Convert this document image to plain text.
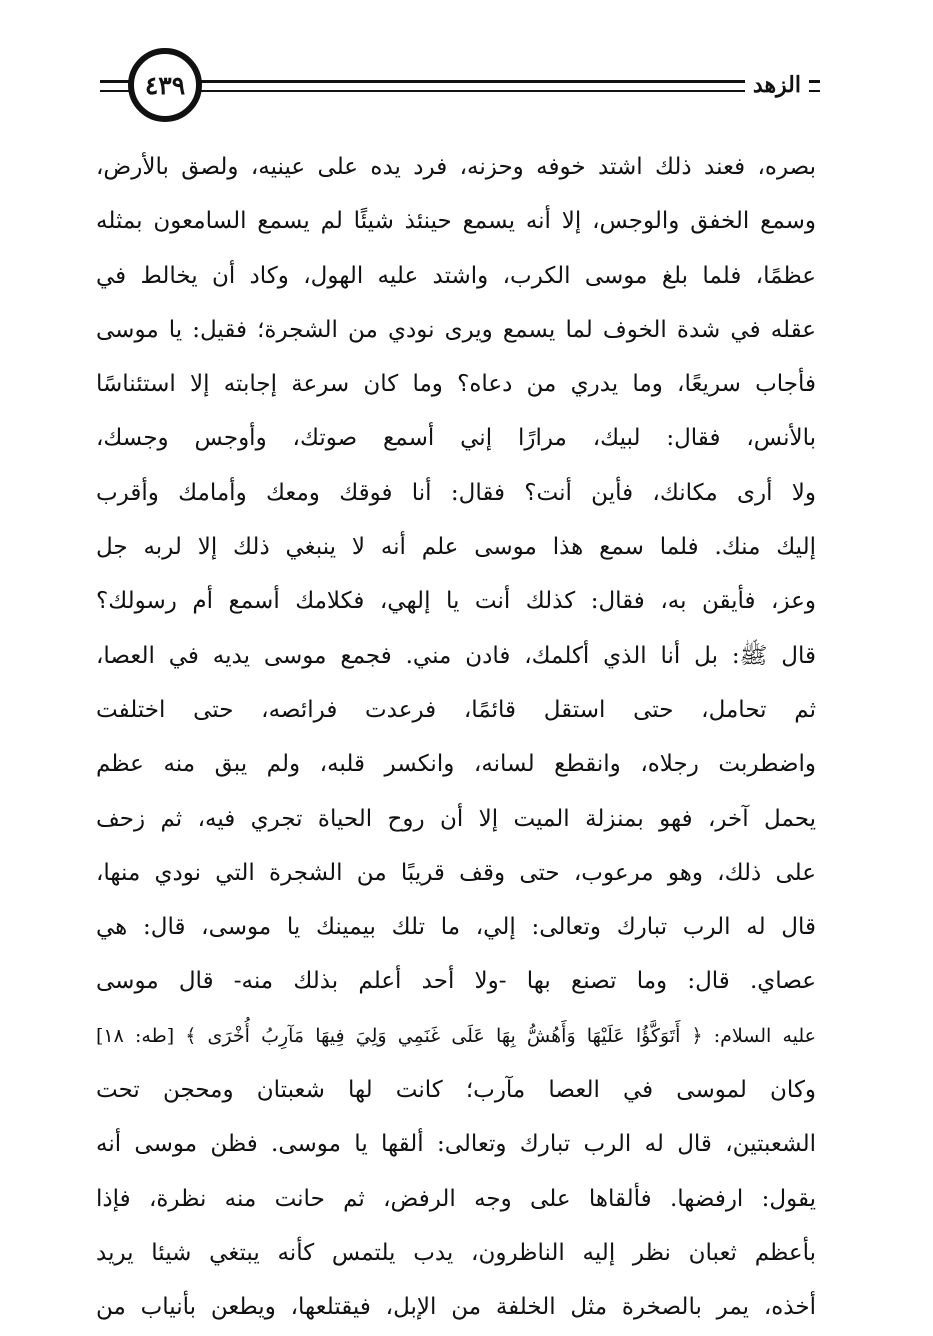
٤٣٩	الزهد
بصره، فعند ذلك اشتد خوفه وحزنه، فرد يده على عينيه، ولصق بالأرض،
وسمع الخفق والوجس، إلا أنه يسمع حينئذ شيئًا لم يسمع السامعون بمثله
عظمًا، فلما بلغ موسى الكرب، واشتد عليه الهول، وكاد أن يخالط في
عقله في شدة الخوف لما يسمع ويرى نودي من الشجرة؛ فقيل: يا موسى
فأجاب سريعًا، وما يدري من دعاه؟ وما كان سرعة إجابته إلا استئناسًا
بالأنس، فقال: لبيك، مرارًا إني أسمع صوتك، وأوجس وجسك،
ولا أرى مكانك، فأين أنت؟ فقال: أنا فوقك ومعك وأمامك وأقرب
إليك منك. فلما سمع هذا موسى علم أنه لا ينبغي ذلك إلا لربه جل
وعز، فأيقن به، فقال: كذلك أنت يا إلهي، فكلامك أسمع أم رسولك؟
قال ﷺ: بل أنا الذي أكلمك، فادن مني. فجمع موسى يديه في العصا،
ثم تحامل، حتى استقل قائمًا، فرعدت فرائصه، حتى اختلفت
واضطربت رجلاه، وانقطع لسانه، وانكسر قلبه، ولم يبق منه عظم
يحمل آخر، فهو بمنزلة الميت إلا أن روح الحياة تجري فيه، ثم زحف
على ذلك، وهو مرعوب، حتى وقف قريبًا من الشجرة التي نودي منها،
قال له الرب تبارك وتعالى: إلي، ما تلك بيمينك يا موسى، قال: هي
عصاي. قال: وما تصنع بها -ولا أحد أعلم بذلك منه- قال موسى
عليه السلام: ﴿ أَتَوَكَّؤُا عَلَيْهَا وَأَهُشُّ بِهَا عَلَى غَنَمِي وَلِيَ فِيهَا مَآرِبُ أُخْرَى ﴾ [طه: ١٨]
وكان لموسى في العصا مآرب؛ كانت لها شعبتان ومحجن تحت
الشعبتين، قال له الرب تبارك وتعالى: ألقها يا موسى. فظن موسى أنه
يقول: ارفضها. فألقاها على وجه الرفض، ثم حانت منه نظرة، فإذا
بأعظم ثعبان نظر إليه الناظرون، يدب يلتمس كأنه يبتغي شيئا يريد
أخذه، يمر بالصخرة مثل الخلفة من الإبل، فيقتلعها، ويطعن بأنياب من
